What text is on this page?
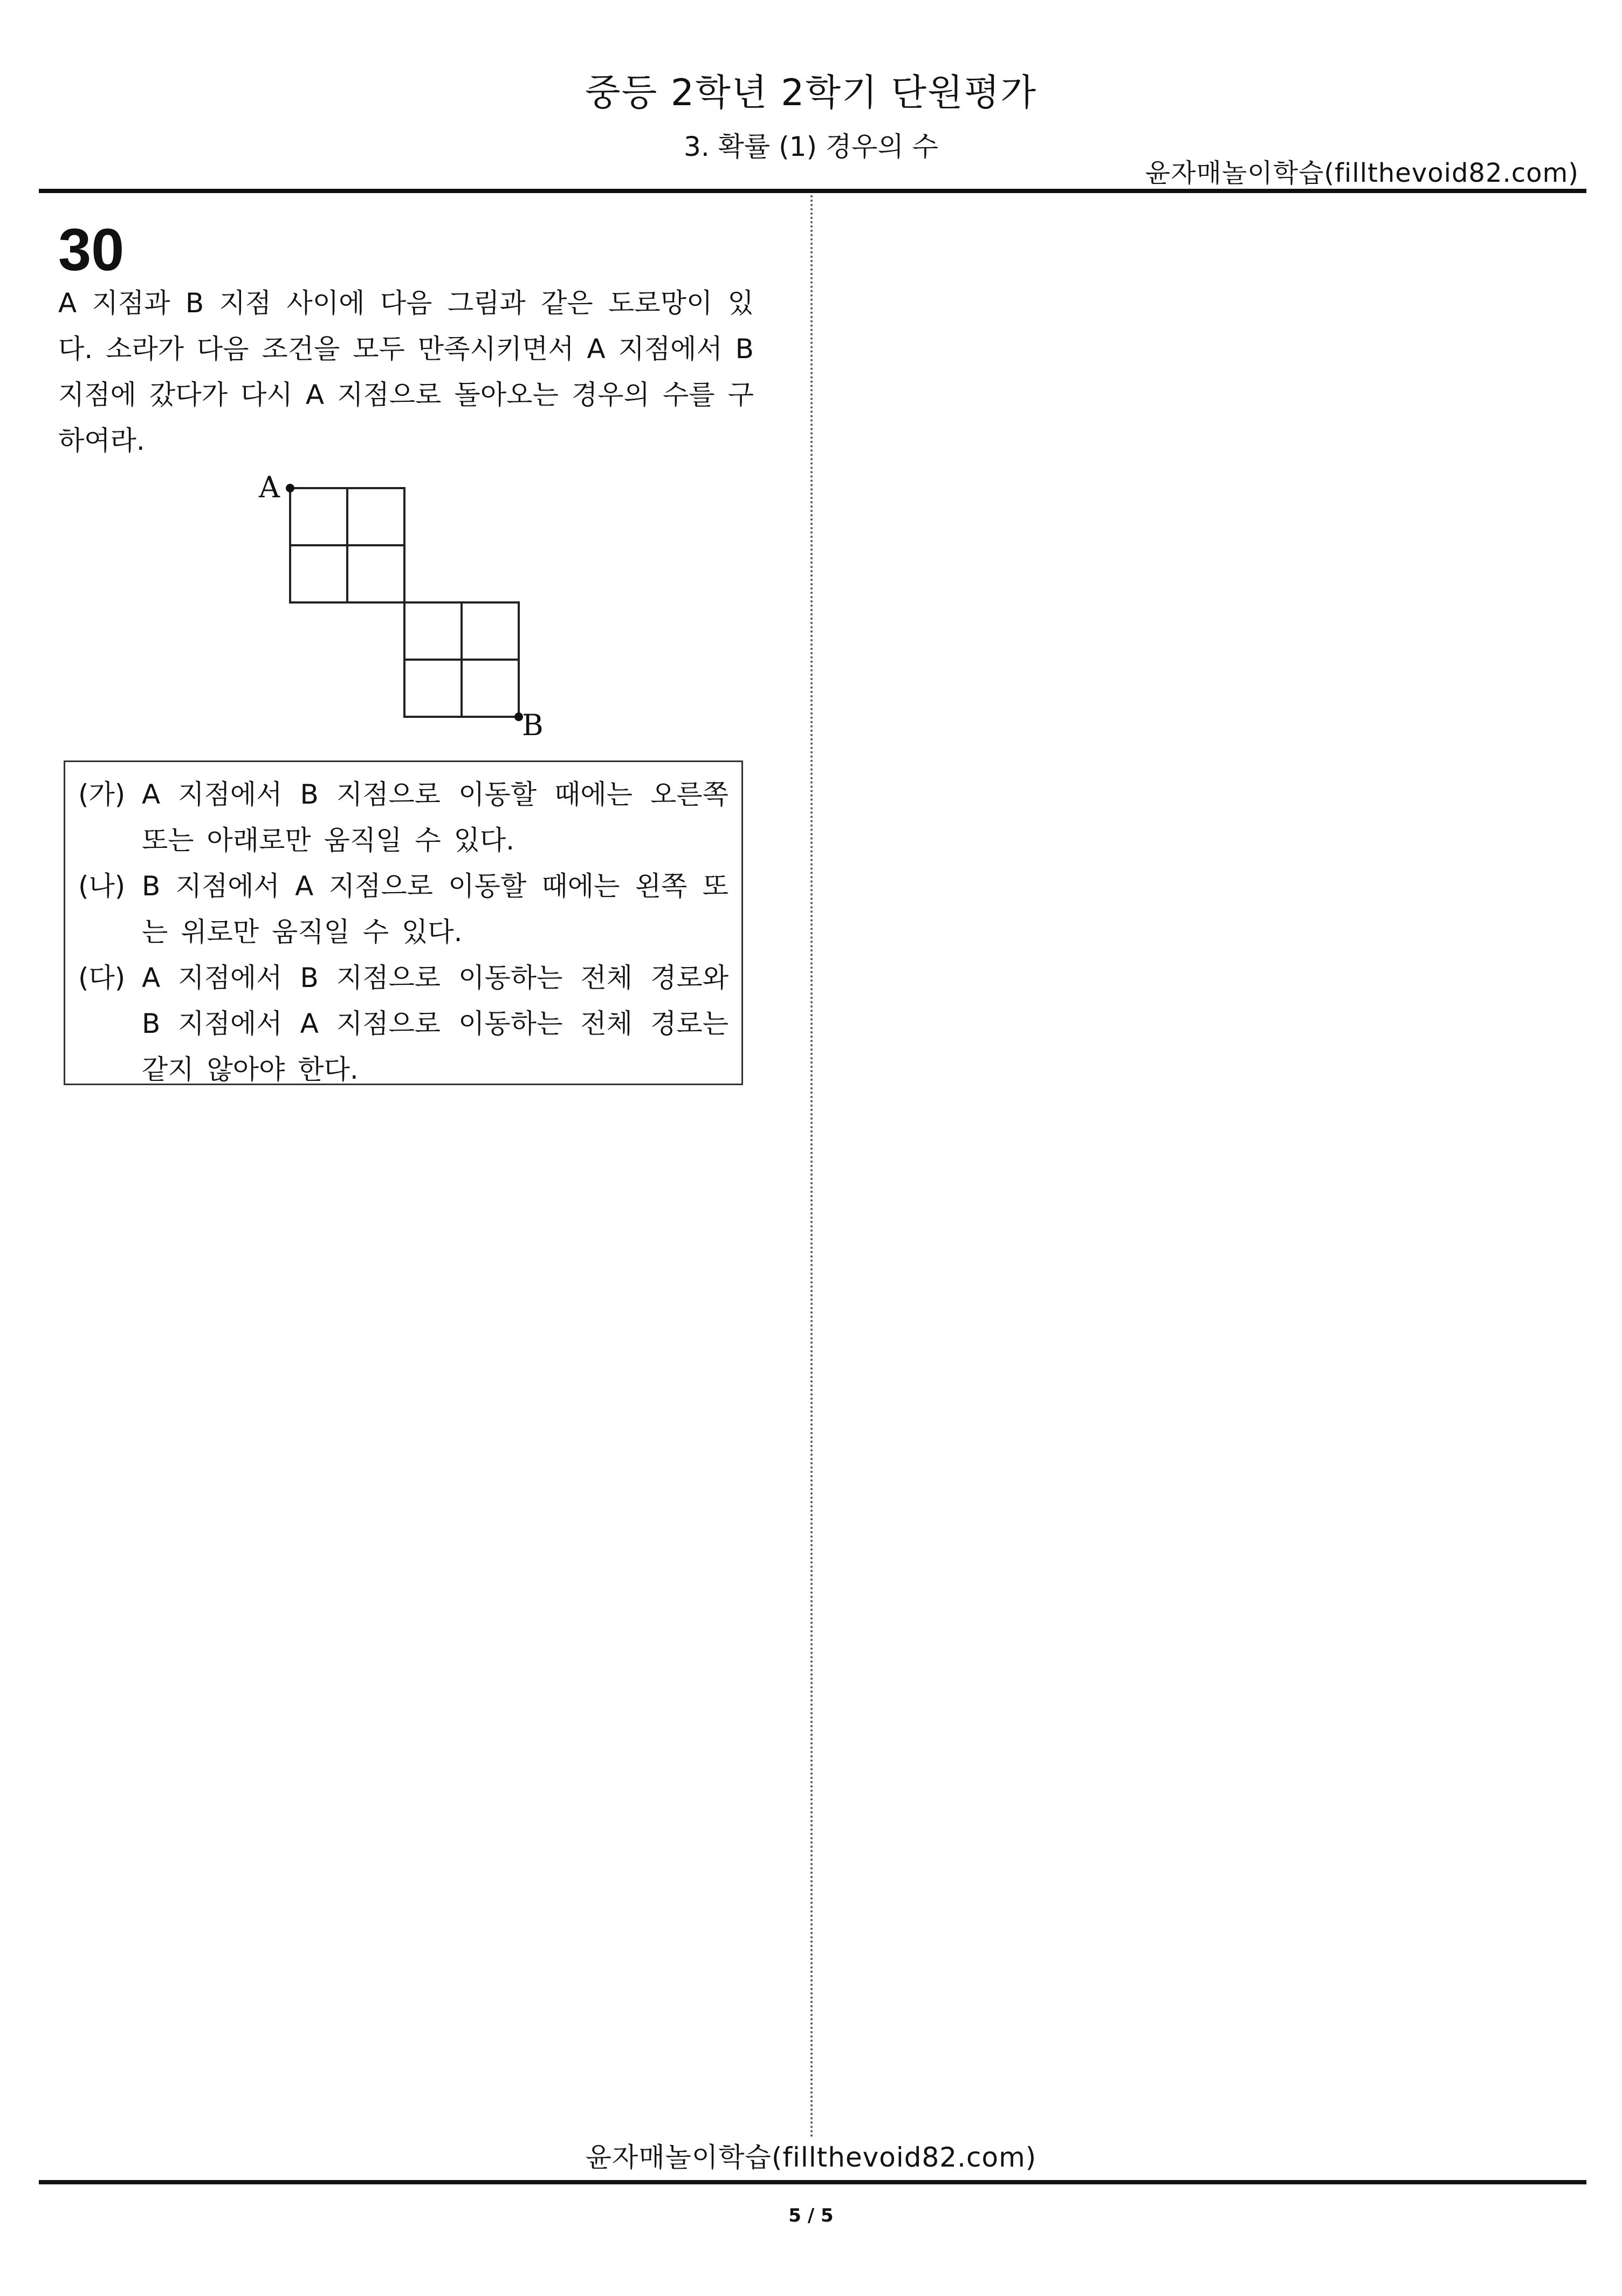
중등 2학년 2학기 단원평가
3. 확률 (1) 경우의 수
윤자매놀이학습(fillthevoid82.com)
30
A 지점과 B 지점 사이에 다음 그림과 같은 도로망이 있다. 소라가 다음 조건을 모두 만족시키면서 A 지점에서 B 지점에 갔다가 다시 A 지점으로 돌아오는 경우의 수를 구하여라.
A
B
(가) A 지점에서 B 지점으로 이동할 때에는 오른쪽 또는 아래로만 움직일 수 있다.
(나) B 지점에서 A 지점으로 이동할 때에는 왼쪽 또는 위로만 움직일 수 있다.
(다) A 지점에서 B 지점으로 이동하는 전체 경로와 B 지점에서 A 지점으로 이동하는 전체 경로는 같지 않아야 한다.
윤자매놀이학습(fillthevoid82.com)
5 / 5
